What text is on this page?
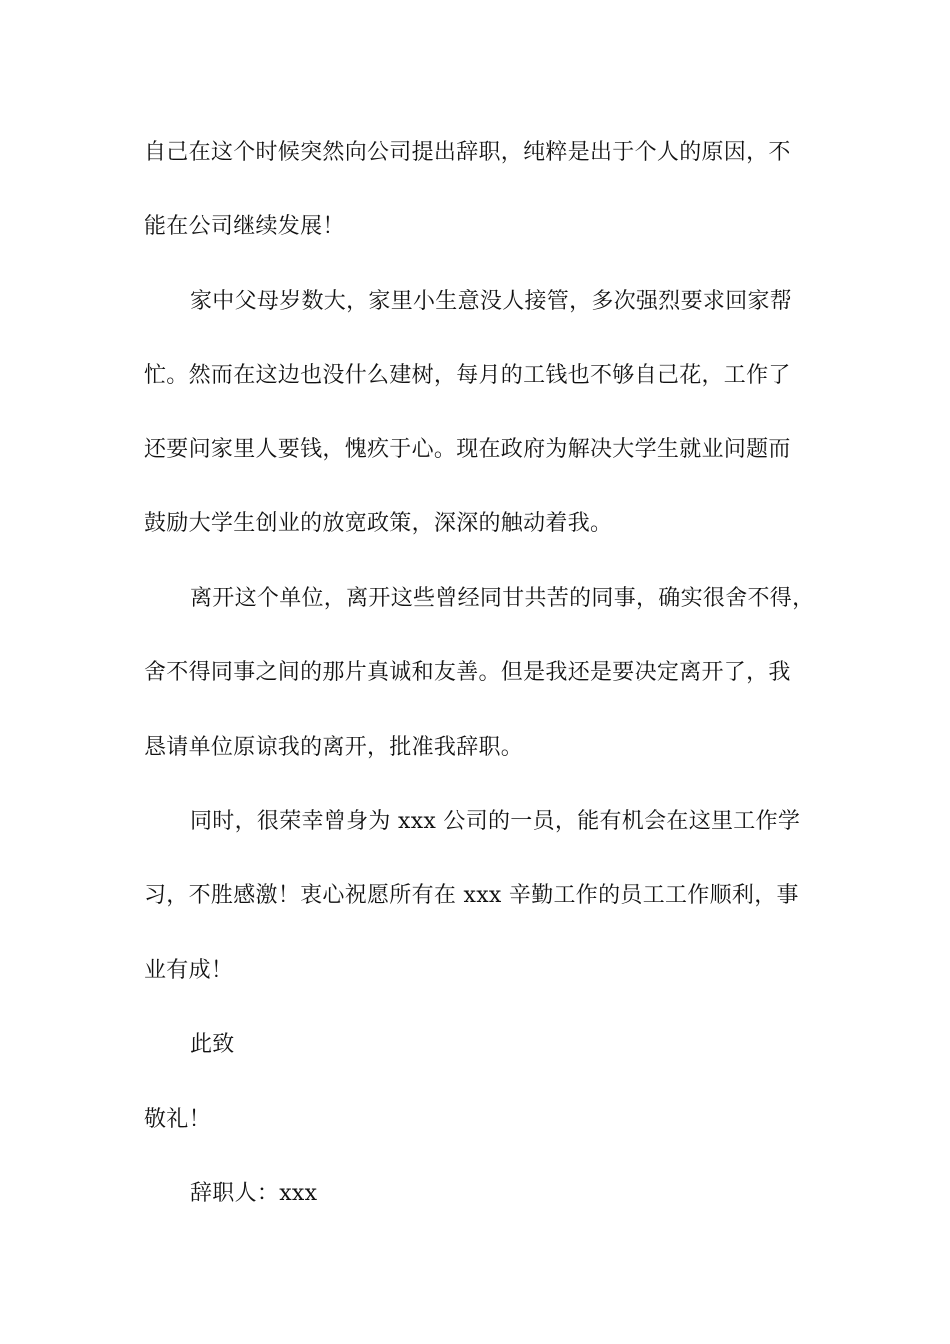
自己在这个时候突然向公司提出辞职，纯粹是出于个人的原因，不
能在公司继续发展！
家中父母岁数大，家里小生意没人接管，多次强烈要求回家帮
忙。然而在这边也没什么建树，每月的工钱也不够自己花，工作了
还要问家里人要钱，愧疚于心。现在政府为解决大学生就业问题而
鼓励大学生创业的放宽政策，深深的触动着我。
离开这个单位，离开这些曾经同甘共苦的同事，确实很舍不得，
舍不得同事之间的那片真诚和友善。但是我还是要决定离开了，我
恳请单位原谅我的离开，批准我辞职。
同时，很荣幸曾身为 xxx 公司的一员，能有机会在这里工作学
习，不胜感激！衷心祝愿所有在 xxx 辛勤工作的员工工作顺利，事
业有成！
此致
敬礼！
辞职人：xxx
